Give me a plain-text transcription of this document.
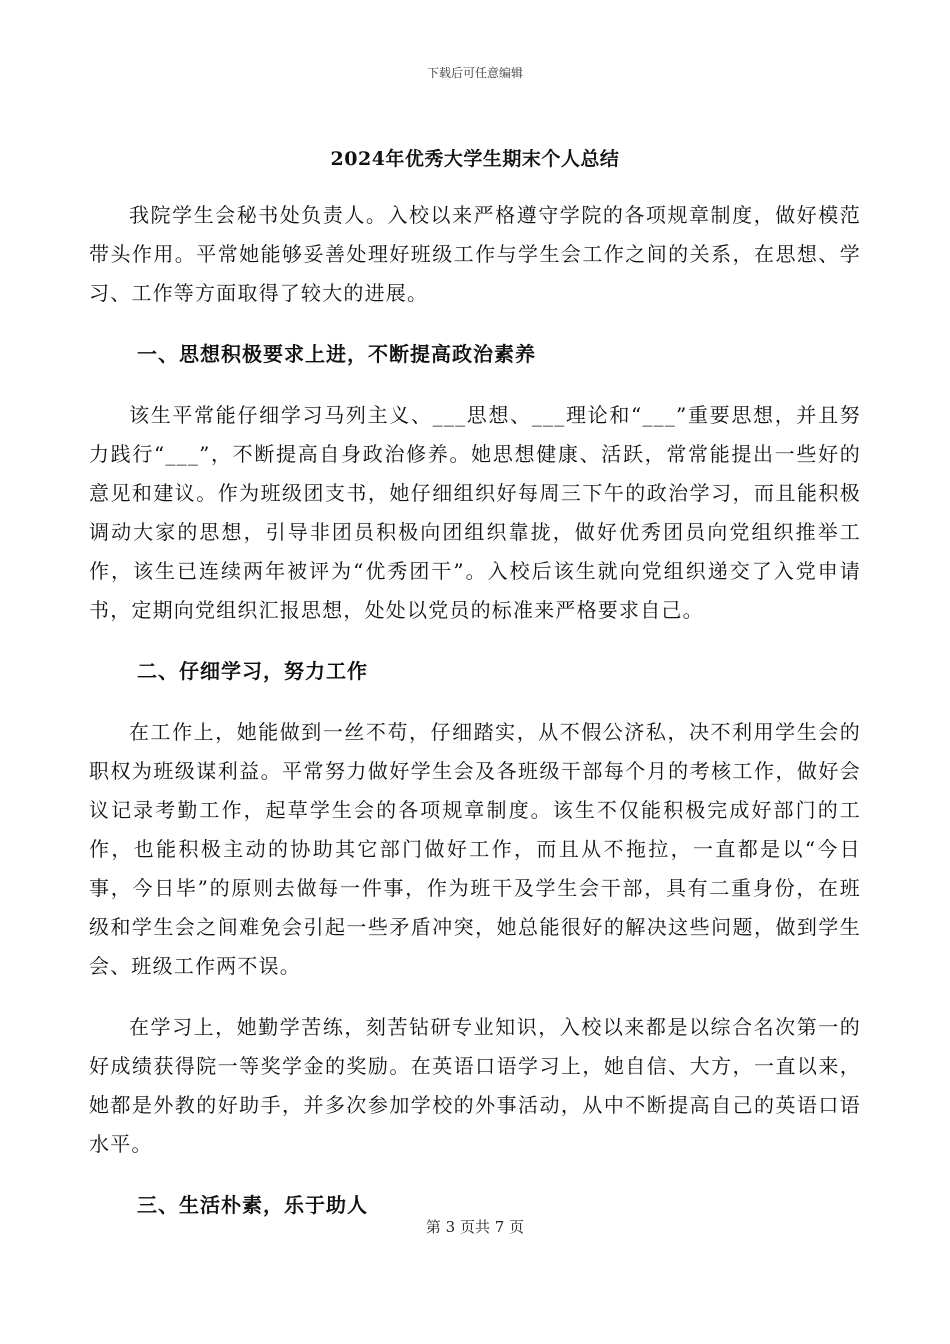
下载后可任意编辑
2024年优秀大学生期末个人总结

我院学生会秘书处负责人。入校以来严格遵守学院的各项规章制度，做好模范带头作用。平常她能够妥善处理好班级工作与学生会工作之间的关系，在思想、学习、工作等方面取得了较大的进展。

一、思想积极要求上进，不断提高政治素养

该生平常能仔细学习马列主义、___思想、___理论和“___”重要思想，并且努力践行“___”，不断提高自身政治修养。她思想健康、活跃，常常能提出一些好的意见和建议。作为班级团支书，她仔细组织好每周三下午的政治学习，而且能积极调动大家的思想，引导非团员积极向团组织靠拢，做好优秀团员向党组织推举工作，该生已连续两年被评为“优秀团干”。入校后该生就向党组织递交了入党申请书，定期向党组织汇报思想，处处以党员的标准来严格要求自己。

二、仔细学习，努力工作

在工作上，她能做到一丝不苟，仔细踏实，从不假公济私，决不利用学生会的职权为班级谋利益。平常努力做好学生会及各班级干部每个月的考核工作，做好会议记录考勤工作，起草学生会的各项规章制度。该生不仅能积极完成好部门的工作，也能积极主动的协助其它部门做好工作，而且从不拖拉，一直都是以“今日事，今日毕”的原则去做每一件事，作为班干及学生会干部，具有二重身份，在班级和学生会之间难免会引起一些矛盾冲突，她总能很好的解决这些问题，做到学生会、班级工作两不误。

在学习上，她勤学苦练，刻苦钻研专业知识，入校以来都是以综合名次第一的好成绩获得院一等奖学金的奖励。在英语口语学习上，她自信、大方，一直以来，她都是外教的好助手，并多次参加学校的外事活动，从中不断提高自己的英语口语水平。

三、生活朴素，乐于助人

第 3 页共 7 页
